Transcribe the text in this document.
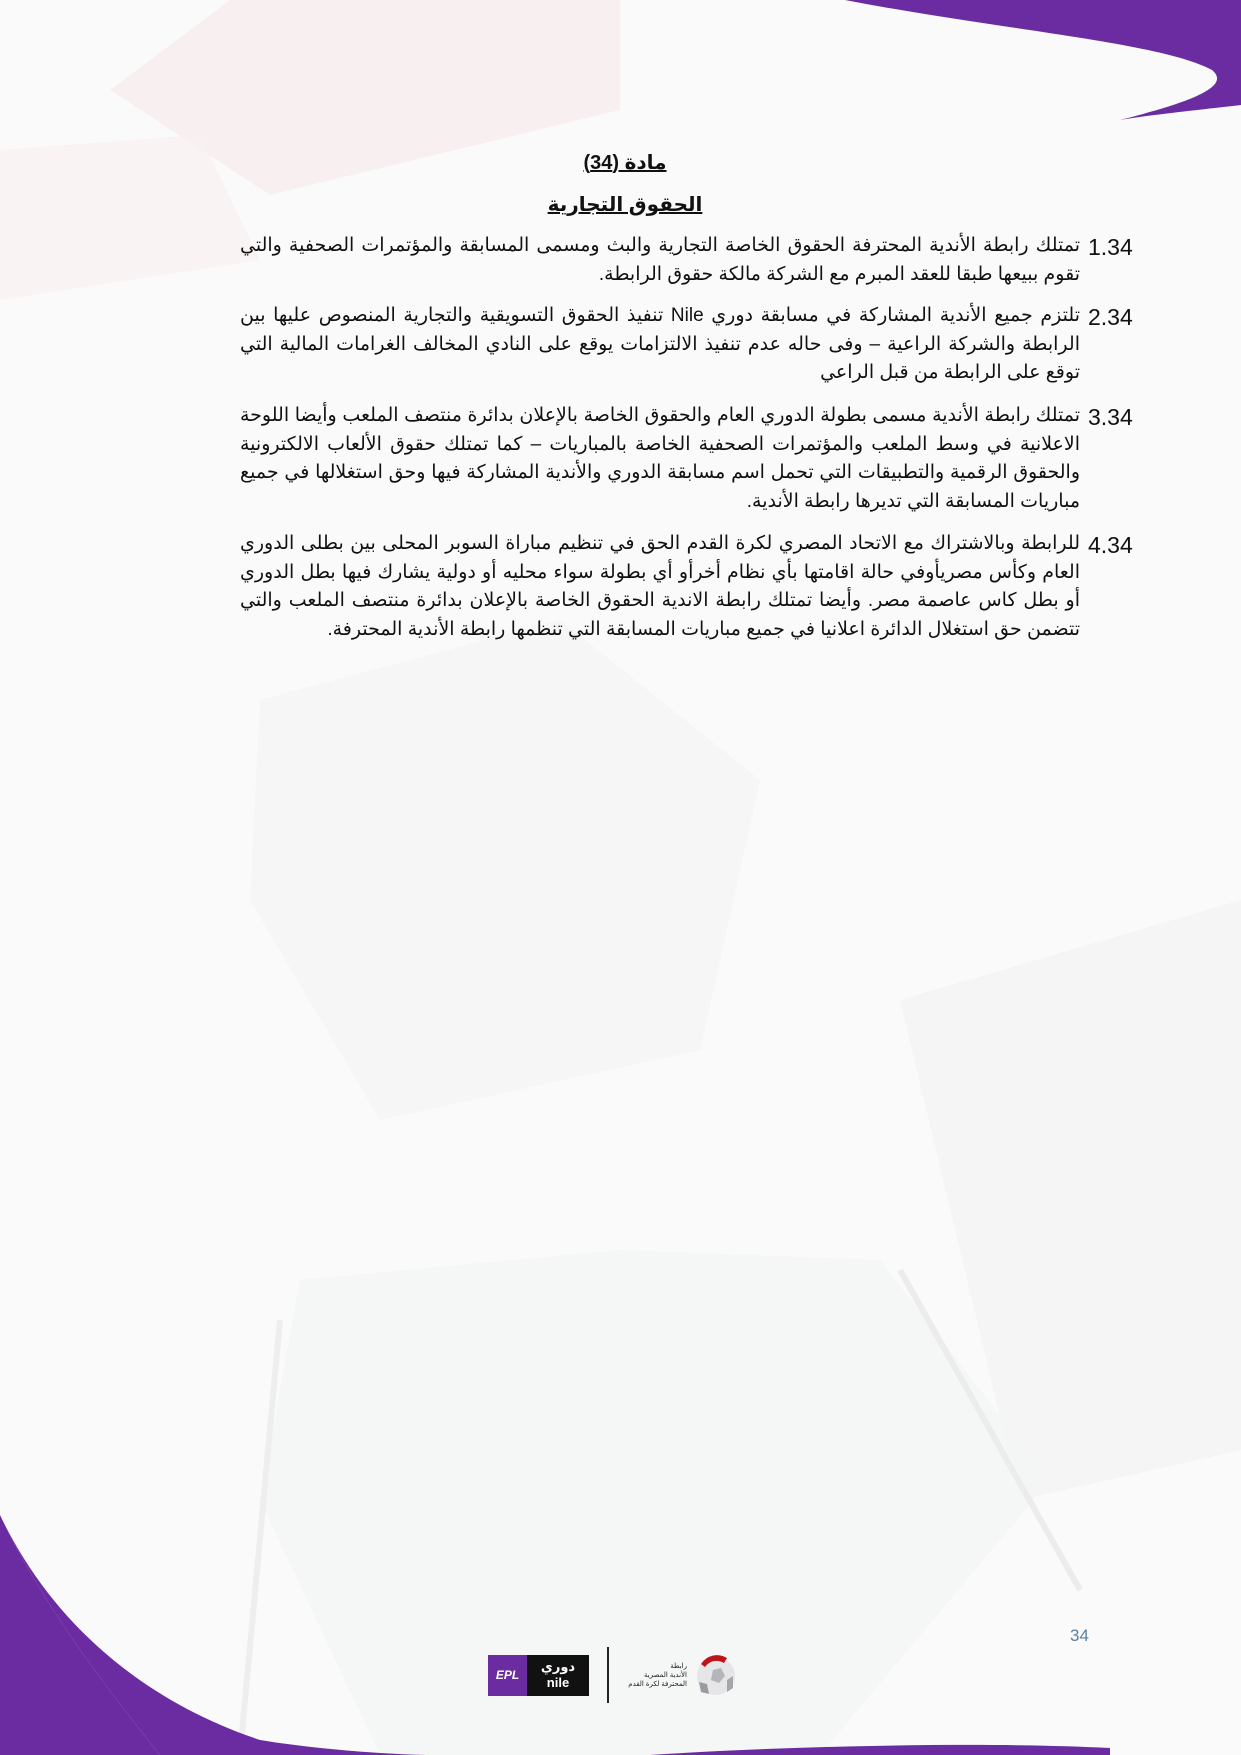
مادة (34)
الحقوق التجارية
1.34
تمتلك رابطة الأندية المحترفة الحقوق الخاصة التجارية والبث ومسمى المسابقة والمؤتمرات الصحفية والتي تقوم ببيعها طبقا للعقد المبرم مع الشركة مالكة حقوق الرابطة.
2.34
تلتزم جميع الأندية المشاركة في مسابقة دوري Nile تنفيذ الحقوق التسويقية والتجارية المنصوص عليها بين الرابطة والشركة الراعية – وفى حاله عدم تنفيذ الالتزامات يوقع على النادي المخالف الغرامات المالية التي توقع على الرابطة من قبل الراعي
3.34
تمتلك رابطة الأندية مسمى بطولة الدوري العام والحقوق الخاصة بالإعلان بدائرة منتصف الملعب وأيضا اللوحة الاعلانية في وسط الملعب والمؤتمرات الصحفية الخاصة بالمباريات – كما تمتلك حقوق الألعاب الالكترونية والحقوق الرقمية والتطبيقات التي تحمل اسم مسابقة الدوري والأندية المشاركة فيها وحق استغلالها في جميع مباريات المسابقة التي تديرها رابطة الأندية.
4.34
للرابطة وبالاشتراك مع الاتحاد المصري لكرة القدم الحق في تنظيم مباراة السوبر المحلى بين بطلى الدوري العام وكأس مصريأوفي حالة اقامتها بأي نظام أخرأو أي بطولة سواء محليه أو دولية يشارك فيها بطل الدوري أو بطل كاس عاصمة مصر. وأيضا تمتلك رابطة الاندية الحقوق الخاصة بالإعلان بدائرة منتصف الملعب والتي تتضمن حق استغلال الدائرة اعلانيا في جميع مباريات المسابقة التي تنظمها رابطة الأندية المحترفة.
34
EPL
دوري
nile
رابطة
الأندية المصرية
المحترفة لكرة القدم
